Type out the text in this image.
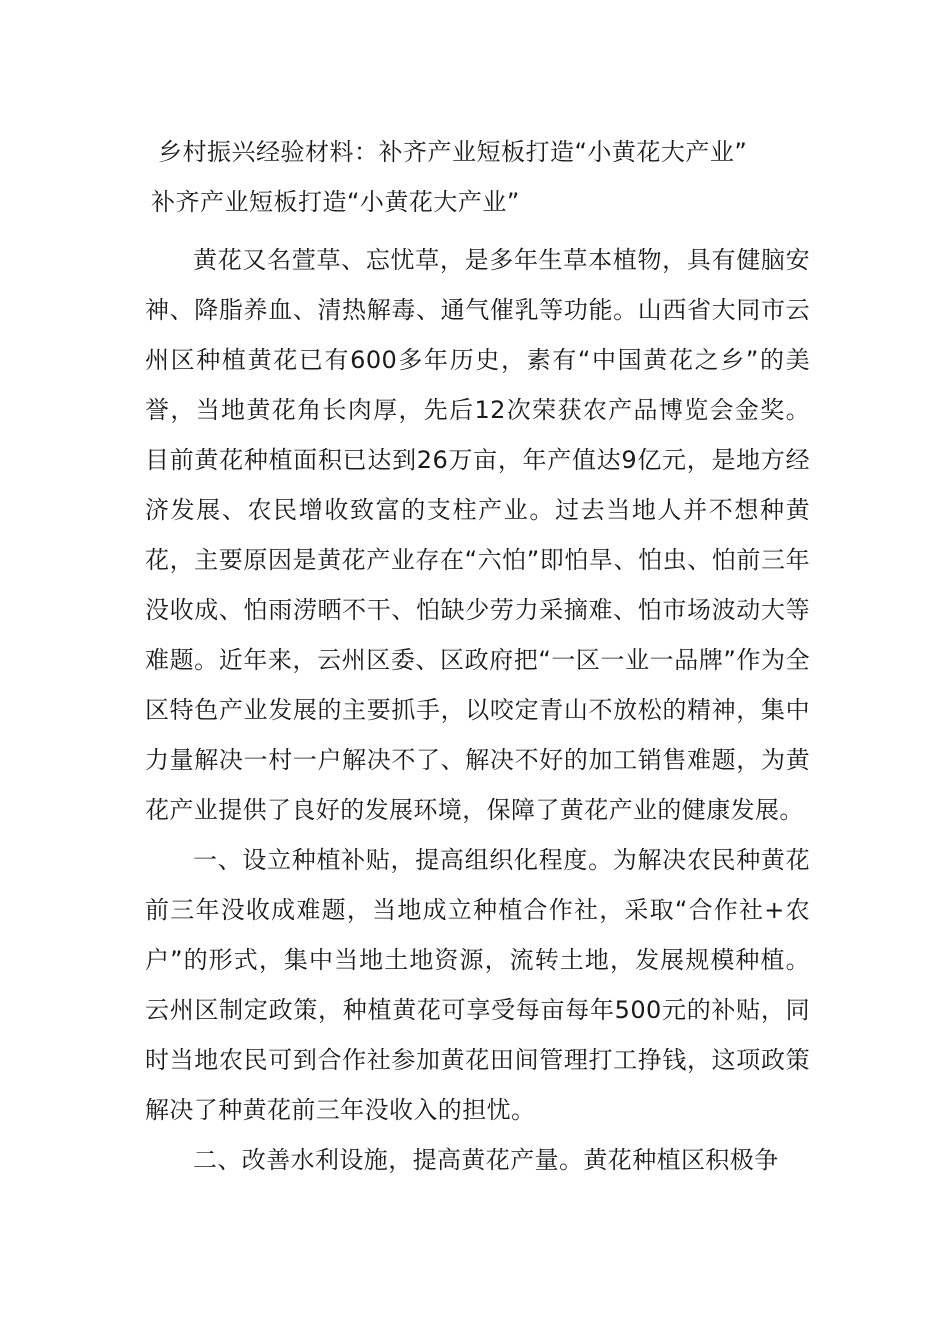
乡村振兴经验材料：补齐产业短板打造“小黄花大产业”
补齐产业短板打造“小黄花大产业”

黄花又名萱草、忘忧草，是多年生草本植物，具有健脑安神、降脂养血、清热解毒、通气催乳等功能。山西省大同市云州区种植黄花已有600多年历史，素有“中国黄花之乡”的美誉，当地黄花角长肉厚，先后12次荣获农产品博览会金奖。目前黄花种植面积已达到26万亩，年产值达9亿元，是地方经济发展、农民增收致富的支柱产业。过去当地人并不想种黄花，主要原因是黄花产业存在“六怕”即怕旱、怕虫、怕前三年没收成、怕雨涝晒不干、怕缺少劳力采摘难、怕市场波动大等难题。近年来，云州区委、区政府把“一区一业一品牌”作为全区特色产业发展的主要抓手，以咬定青山不放松的精神，集中力量解决一村一户解决不了、解决不好的加工销售难题，为黄花产业提供了良好的发展环境，保障了黄花产业的健康发展。

一、设立种植补贴，提高组织化程度。为解决农民种黄花前三年没收成难题，当地成立种植合作社，采取“合作社+农户”的形式，集中当地土地资源，流转土地，发展规模种植。云州区制定政策，种植黄花可享受每亩每年500元的补贴，同时当地农民可到合作社参加黄花田间管理打工挣钱，这项政策解决了种黄花前三年没收入的担忧。

二、改善水利设施，提高黄花产量。黄花种植区积极争
